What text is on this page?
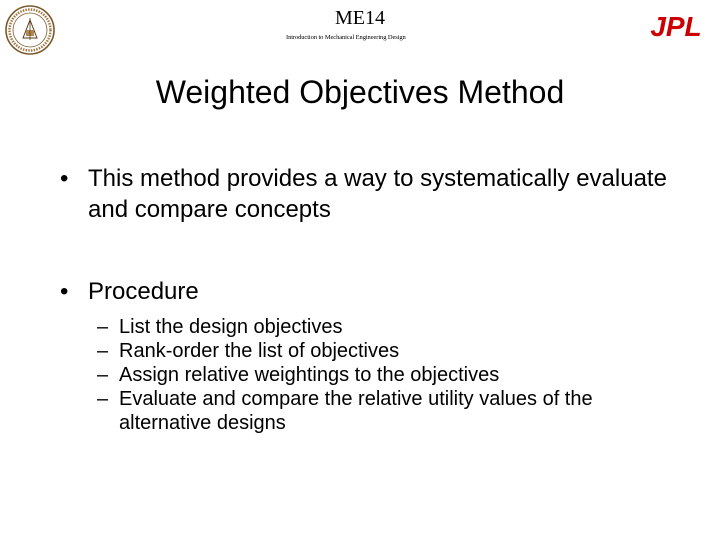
ME14
Introduction to Mechanical Engineering Design	JPL
Weighted Objectives Method
• This method provides a way to systematically evaluate and compare concepts
• Procedure
– List the design objectives
– Rank-order the list of objectives
– Assign relative weightings to the objectives
– Evaluate and compare the relative utility values of the alternative designs
